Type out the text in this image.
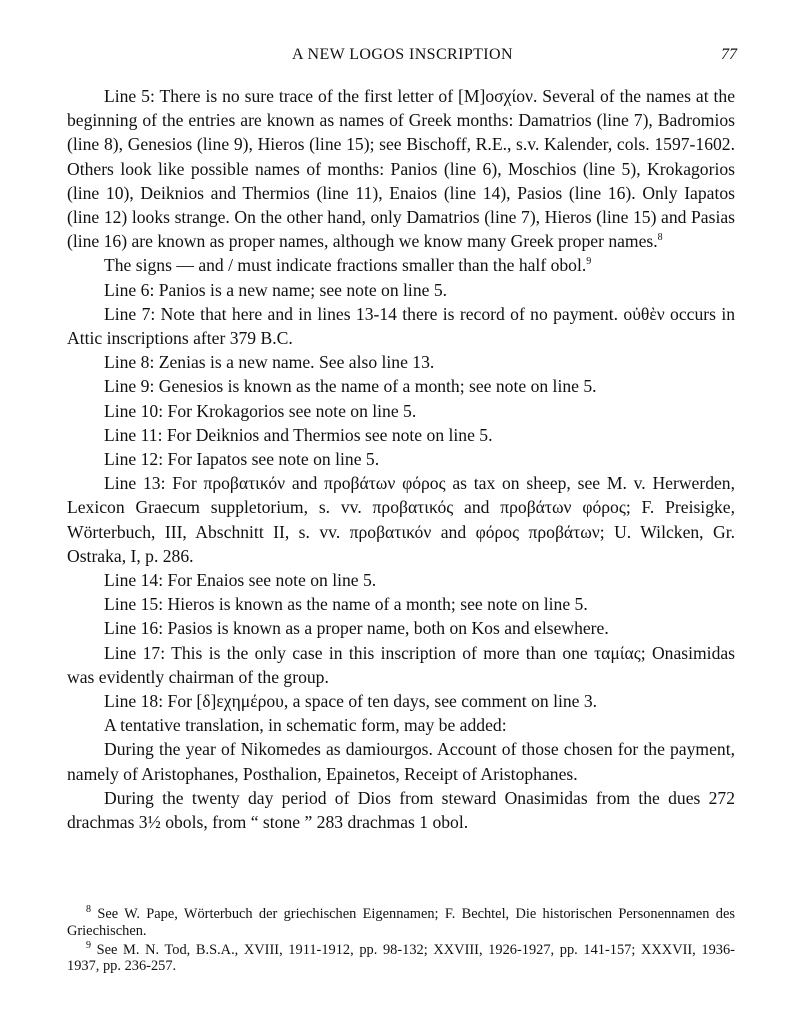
A NEW LOGOS INSCRIPTION	77

Line 5: There is no sure trace of the first letter of [M]οσχίον. Several of the names at the beginning of the entries are known as names of Greek months: Damatrios (line 7), Badromios (line 8), Genesios (line 9), Hieros (line 15); see Bischoff, R.E., s.v. Kalender, cols. 1597-1602. Others look like possible names of months: Panios (line 6), Moschios (line 5), Krokagorios (line 10), Deiknios and Thermios (line 11), Enaios (line 14), Pasios (line 16). Only Iapatos (line 12) looks strange. On the other hand, only Damatrios (line 7), Hieros (line 15) and Pasias (line 16) are known as proper names, although we know many Greek proper names.$^8$

The signs — and / must indicate fractions smaller than the half obol.$^9$

Line 6: Panios is a new name; see note on line 5.

Line 7: Note that here and in lines 13-14 there is record of no payment. οὐθὲν occurs in Attic inscriptions after 379 B.C.

Line 8: Zenias is a new name. See also line 13.

Line 9: Genesios is known as the name of a month; see note on line 5.

Line 10: For Krokagorios see note on line 5.

Line 11: For Deiknios and Thermios see note on line 5.

Line 12: For Iapatos see note on line 5.

Line 13: For προβατικόν and προβάτων φόρος as tax on sheep, see M. v. Herwerden, Lexicon Graecum suppletorium, s. vv. προβατικός and προβάτων φόρος; F. Preisigke, Wörterbuch, III, Abschnitt II, s. vv. προβατικόν and φόρος προβάτων; U. Wilcken, Gr. Ostraka, I, p. 286.

Line 14: For Enaios see note on line 5.

Line 15: Hieros is known as the name of a month; see note on line 5.

Line 16: Pasios is known as a proper name, both on Kos and elsewhere.

Line 17: This is the only case in this inscription of more than one ταμίας; Onasimidas was evidently chairman of the group.

Line 18: For [δ]εχημέρου, a space of ten days, see comment on line 3.

A tentative translation, in schematic form, may be added:

During the year of Nikomedes as damiourgos. Account of those chosen for the payment, namely of Aristophanes, Posthalion, Epainetos, Receipt of Aristophanes.

During the twenty day period of Dios from steward Onasimidas from the dues 272 drachmas 3½ obols, from “ stone ” 283 drachmas 1 obol.

$^8$ See W. Pape, Wörterbuch der griechischen Eigennamen; F. Bechtel, Die historischen Personennamen des Griechischen.

$^9$ See M. N. Tod, B.S.A., XVIII, 1911-1912, pp. 98-132; XXVIII, 1926-1927, pp. 141-157; XXXVII, 1936-1937, pp. 236-257.
